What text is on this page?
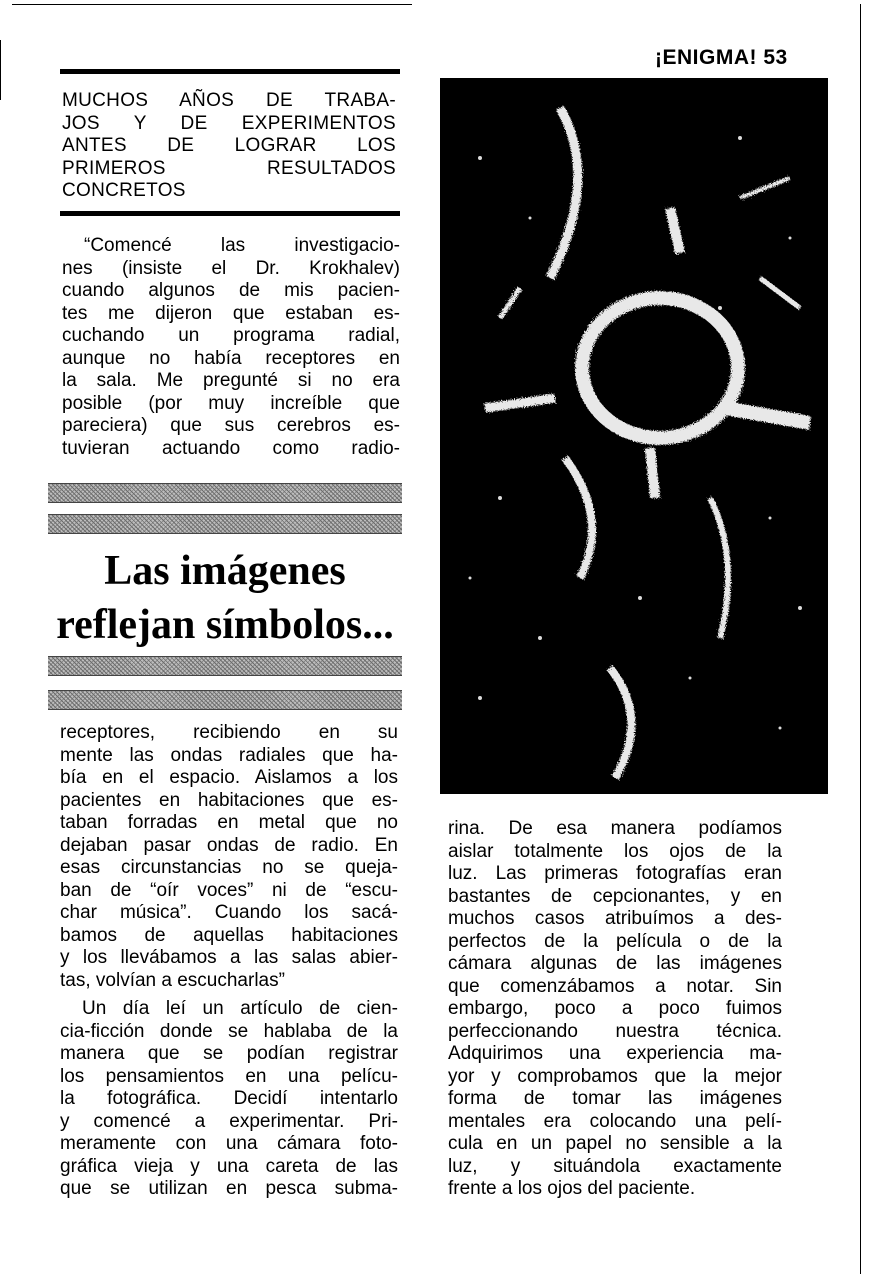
¡ENIGMA! 53
MUCHOS AÑOS DE TRABA-
JOS Y DE EXPERIMENTOS
ANTES DE LOGRAR LOS
PRIMEROS RESULTADOS
CONCRETOS
“Comencé las investigacio-
nes (insiste el Dr. Krokhalev)
cuando algunos de mis pacien-
tes me dijeron que estaban es-
cuchando un programa radial,
aunque no había receptores en
la sala. Me pregunté si no era
posible (por muy increíble que
pareciera) que sus cerebros es-
tuvieran actuando como radio-
Las imágenes
reflejan símbolos...
receptores, recibiendo en su
mente las ondas radiales que ha-
bía en el espacio. Aislamos a los
pacientes en habitaciones que es-
taban forradas en metal que no
dejaban pasar ondas de radio. En
esas circunstancias no se queja-
ban de “oír voces” ni de “escu-
char música”. Cuando los sacá-
bamos de aquellas habitaciones
y los llevábamos a las salas abier-
tas, volvían a escucharlas”
Un día leí un artículo de cien-
cia-ficción donde se hablaba de la
manera que se podían registrar
los pensamientos en una pelícu-
la fotográfica. Decidí intentarlo
y comencé a experimentar. Pri-
meramente con una cámara foto-
gráfica vieja y una careta de las
que se utilizan en pesca subma-
rina. De esa manera podíamos
aislar totalmente los ojos de la
luz. Las primeras fotografías eran
bastantes de cepcionantes, y en
muchos casos atribuímos a des-
perfectos de la película o de la
cámara algunas de las imágenes
que comenzábamos a notar. Sin
embargo, poco a poco fuimos
perfeccionando nuestra técnica.
Adquirimos una experiencia ma-
yor y comprobamos que la mejor
forma de tomar las imágenes
mentales era colocando una pelí-
cula en un papel no sensible a la
luz, y situándola exactamente
frente a los ojos del paciente.
